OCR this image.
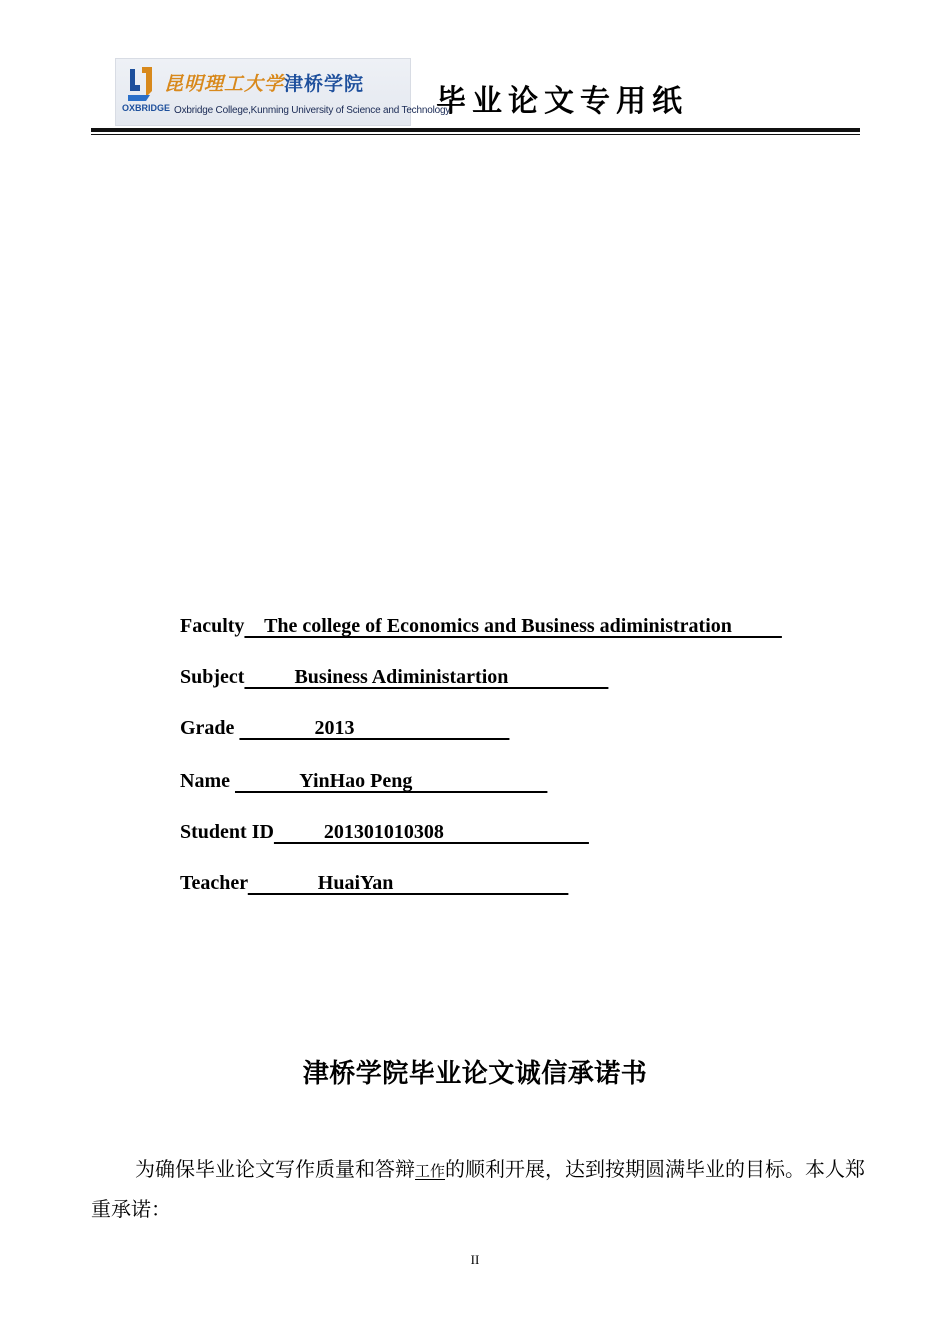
昆明理工大学津桥学院
OXBRIDGE Oxbridge College,Kunming University of Science and Technology
毕业论文专用纸
Faculty    The college of Economics and Business adiministration
Subject          Business Adiministartion
Grade                2013
Name              YinHao Peng
Student ID          201301010308
Teacher              HuaiYan
津桥学院毕业论文诚信承诺书
为确保毕业论文写作质量和答辩工作的顺利开展，达到按期圆满毕业的目标。本人郑重承诺：
II
